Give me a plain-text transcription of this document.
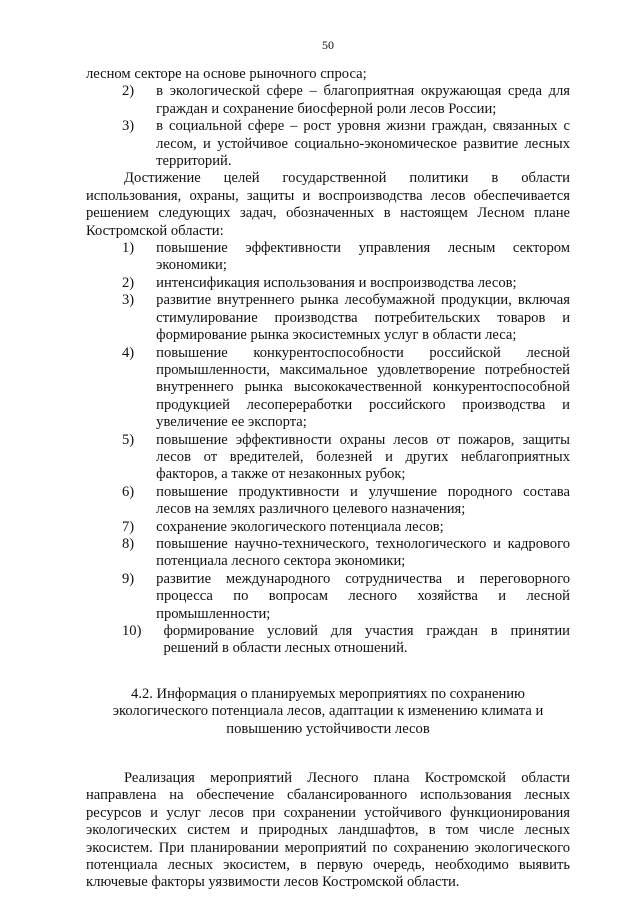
50

лесном секторе на основе рыночного спроса;

2) в экологической сфере – благоприятная окружающая среда для граждан и сохранение биосферной роли лесов России;
3) в социальной сфере – рост уровня жизни граждан, связанных с лесом, и устойчивое социально-экономическое развитие лесных территорий.

Достижение целей государственной политики в области использования, охраны, защиты и воспроизводства лесов обеспечивается решением следующих задач, обозначенных в настоящем Лесном плане Костромской области:

1) повышение эффективности управления лесным сектором экономики;
2) интенсификация использования и воспроизводства лесов;
3) развитие внутреннего рынка лесобумажной продукции, включая стимулирование производства потребительских товаров и формирование рынка экосистемных услуг в области леса;
4) повышение конкурентоспособности российской лесной промышленности, максимальное удовлетворение потребностей внутреннего рынка высококачественной конкурентоспособной продукцией лесопереработки российского производства и увеличение ее экспорта;
5) повышение эффективности охраны лесов от пожаров, защиты лесов от вредителей, болезней и других неблагоприятных факторов, а также от незаконных рубок;
6) повышение продуктивности и улучшение породного состава лесов на землях различного целевого назначения;
7) сохранение экологического потенциала лесов;
8) повышение научно-технического, технологического и кадрового потенциала лесного сектора экономики;
9) развитие международного сотрудничества и переговорного процесса по вопросам лесного хозяйства и лесной промышленности;
10) формирование условий для участия граждан в принятии решений в области лесных отношений.
4.2. Информация о планируемых мероприятиях по сохранению экологического потенциала лесов, адаптации к изменению климата и повышению устойчивости лесов

Реализация мероприятий Лесного плана Костромской области направлена на обеспечение сбалансированного использования лесных ресурсов и услуг лесов при сохранении устойчивого функционирования экологических систем и природных ландшафтов, в том числе лесных экосистем. При планировании мероприятий по сохранению экологического потенциала лесных экосистем, в первую очередь, необходимо выявить ключевые факторы уязвимости лесов Костромской области.
